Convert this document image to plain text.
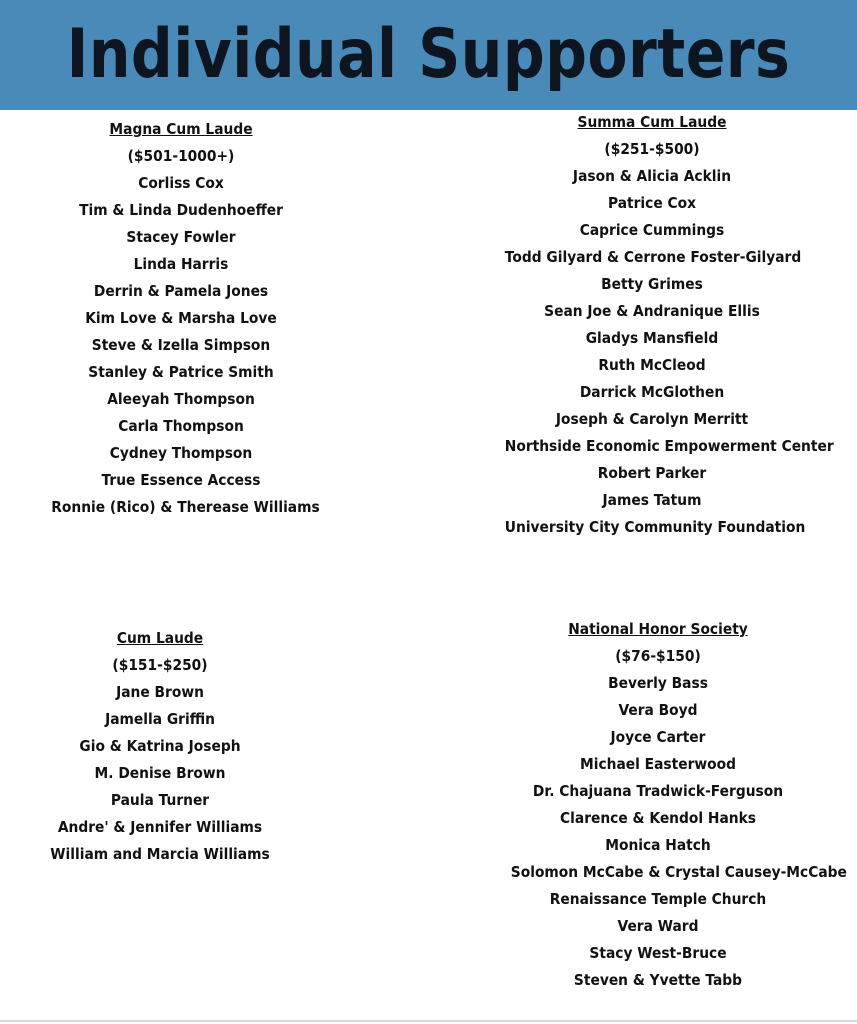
Individual Supporters
Magna Cum Laude
($501-1000+)
Corliss Cox
Tim & Linda Dudenhoeffer
Stacey Fowler
Linda Harris
Derrin & Pamela Jones
Kim Love & Marsha Love
Steve & Izella Simpson
Stanley & Patrice Smith
Aleeyah Thompson
Carla Thompson
Cydney Thompson
True Essence Access
Ronnie (Rico) & Therease Williams
Summa Cum Laude
($251-$500)
Jason & Alicia Acklin
Patrice Cox
Caprice Cummings
Todd Gilyard & Cerrone Foster-Gilyard
Betty Grimes
Sean Joe & Andranique Ellis
Gladys Mansfield
Ruth McCleod
Darrick McGlothen
Joseph & Carolyn Merritt
Northside Economic Empowerment Center
Robert Parker
James Tatum
University City Community Foundation
Cum Laude
($151-$250)
Jane Brown
Jamella Griffin
Gio & Katrina Joseph
M. Denise Brown
Paula Turner
Andre' & Jennifer Williams
William and Marcia Williams
National Honor Society
($76-$150)
Beverly Bass
Vera Boyd
Joyce Carter
Michael Easterwood
Dr. Chajuana Tradwick-Ferguson
Clarence & Kendol Hanks
Monica Hatch
Solomon McCabe & Crystal Causey-McCabe
Renaissance Temple Church
Vera Ward
Stacy West-Bruce
Steven & Yvette Tabb
